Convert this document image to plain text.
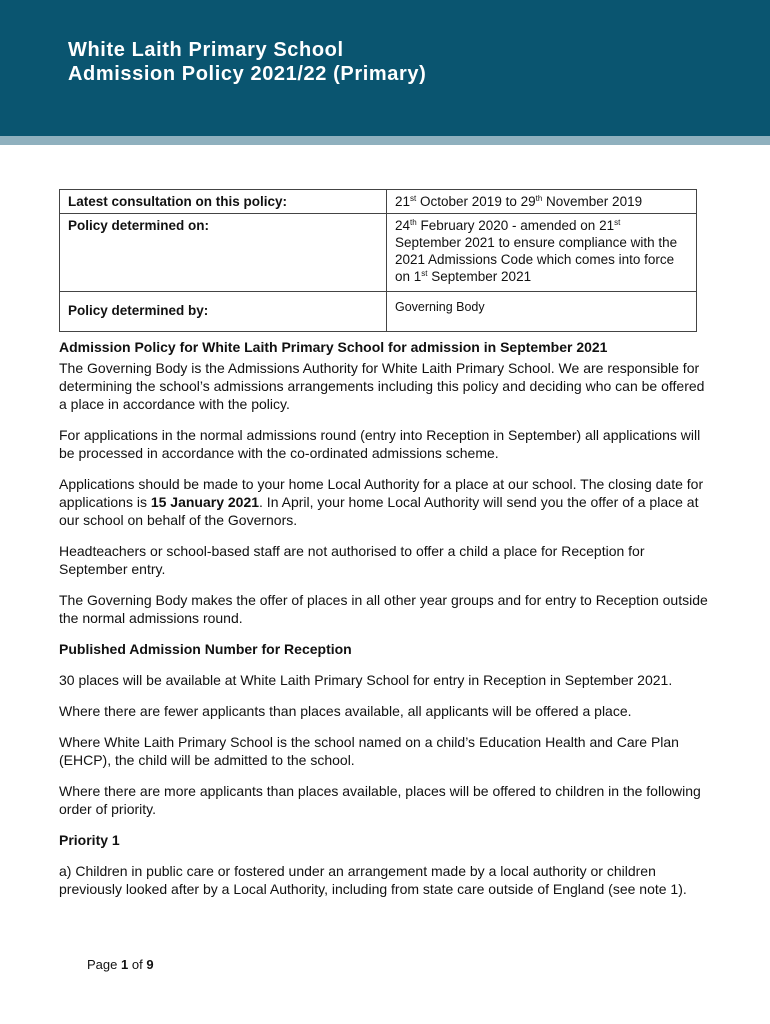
White Laith Primary School
Admission Policy 2021/22 (Primary)
Latest consultation on this policy:	21st October 2019 to 29th November 2019
Policy determined on:	24th February 2020 - amended on 21st September 2021 to ensure compliance with the 2021 Admissions Code which comes into force on 1st September 2021
Policy determined by:	Governing Body
Admission Policy for White Laith Primary School for admission in September 2021

The Governing Body is the Admissions Authority for White Laith Primary School. We are responsible for determining the school’s admissions arrangements including this policy and deciding who can be offered a place in accordance with the policy.

For applications in the normal admissions round (entry into Reception in September) all applications will be processed in accordance with the co-ordinated admissions scheme.

Applications should be made to your home Local Authority for a place at our school. The closing date for applications is 15 January 2021. In April, your home Local Authority will send you the offer of a place at our school on behalf of the Governors.

Headteachers or school-based staff are not authorised to offer a child a place for Reception for September entry.

The Governing Body makes the offer of places in all other year groups and for entry to Reception outside the normal admissions round.

Published Admission Number for Reception

30 places will be available at White Laith Primary School for entry in Reception in September 2021.

Where there are fewer applicants than places available, all applicants will be offered a place.

Where White Laith Primary School is the school named on a child’s Education Health and Care Plan (EHCP), the child will be admitted to the school.

Where there are more applicants than places available, places will be offered to children in the following order of priority.

Priority 1

a) Children in public care or fostered under an arrangement made by a local authority or children previously looked after by a Local Authority, including from state care outside of England (see note 1).

Page 1 of 9
